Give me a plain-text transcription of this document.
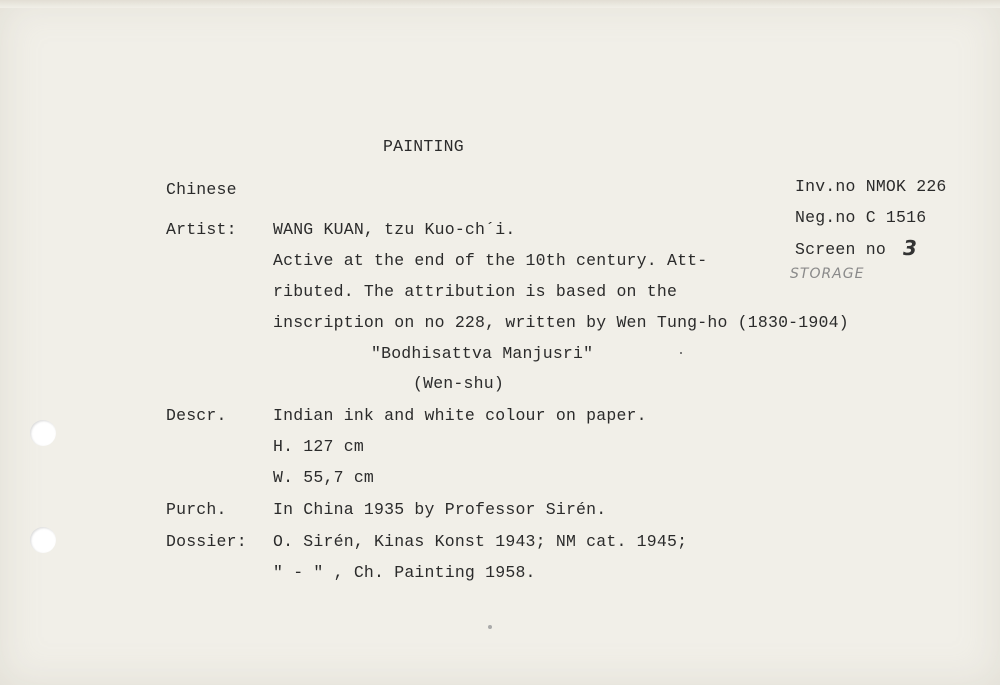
PAINTING
Chinese	Inv.no NMOK 226
Neg.no C 1516
Screen no 3
STORAGE
Artist: WANG KUAN, tzu Kuo-ch´i.
Active at the end of the 10th century. Att-
ributed. The attribution is based on the
inscription on no 228, written by Wen Tung-ho (1830-1904)
"Bodhisattva Manjusri"
(Wen-shu)
Descr.	Indian ink and white colour on paper.
H. 127 cm
W. 55,7 cm
Purch.	In China 1935 by Professor Sirén.
Dossier: O. Sirén, Kinas Konst 1943; NM cat. 1945;
" - " , Ch. Painting 1958.
